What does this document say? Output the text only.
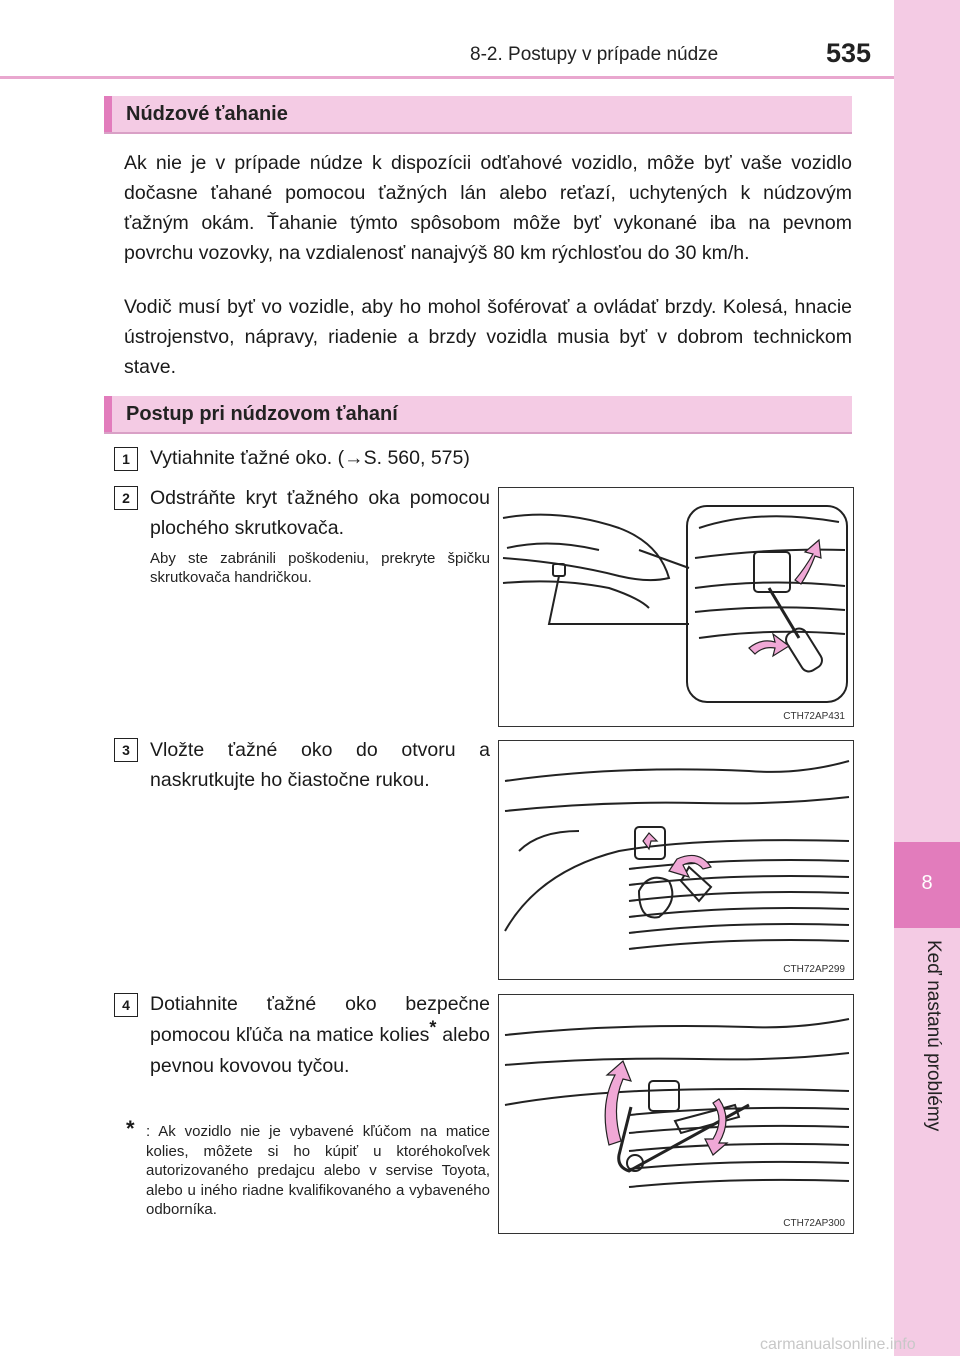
8-2. Postupy v prípade núdze	535
8
Keď nastanú problémy
Núdzové ťahanie

Ak nie je v prípade núdze k dispozícii odťahové vozidlo, môže byť vaše vozidlo dočasne ťahané pomocou ťažných lán alebo reťazí, uchytených k núdzovým ťažným okám. Ťahanie týmto spôsobom môže byť vykonané iba na pevnom povrchu vozovky, na vzdialenosť nanajvýš 80 km rýchlosťou do 30 km/h.

Vodič musí byť vo vozidle, aby ho mohol šoférovať a ovládať brzdy. Kolesá, hnacie ústrojenstvo, nápravy, riadenie a brzdy vozidla musia byť v dobrom technickom stave.

Postup pri núdzovom ťahaní
1	Vytiahnite ťažné oko. (→S. 560, 575)

2	Odstráňte kryt ťažného oka pomocou plochého skrutkovača.

Aby ste zabránili poškodeniu, prekryte špičku skrutkovača handričkou.

CTH72AP431
3	Vložte ťažné oko do otvoru a naskrutkujte ho čiastočne rukou.

CTH72AP299
4	Dotiahnite ťažné oko bezpečne pomocou kľúča na matice kolies* alebo pevnou kovovou tyčou.

* : Ak vozidlo nie je vybavené kľúčom na matice kolies, môžete si ho kúpiť u ktoréhokoľvek autorizovaného predajcu alebo v servise Toyota, alebo u iného riadne kvalifikovaného a vybaveného odborníka.

CTH72AP300
carmanualsonline.info
